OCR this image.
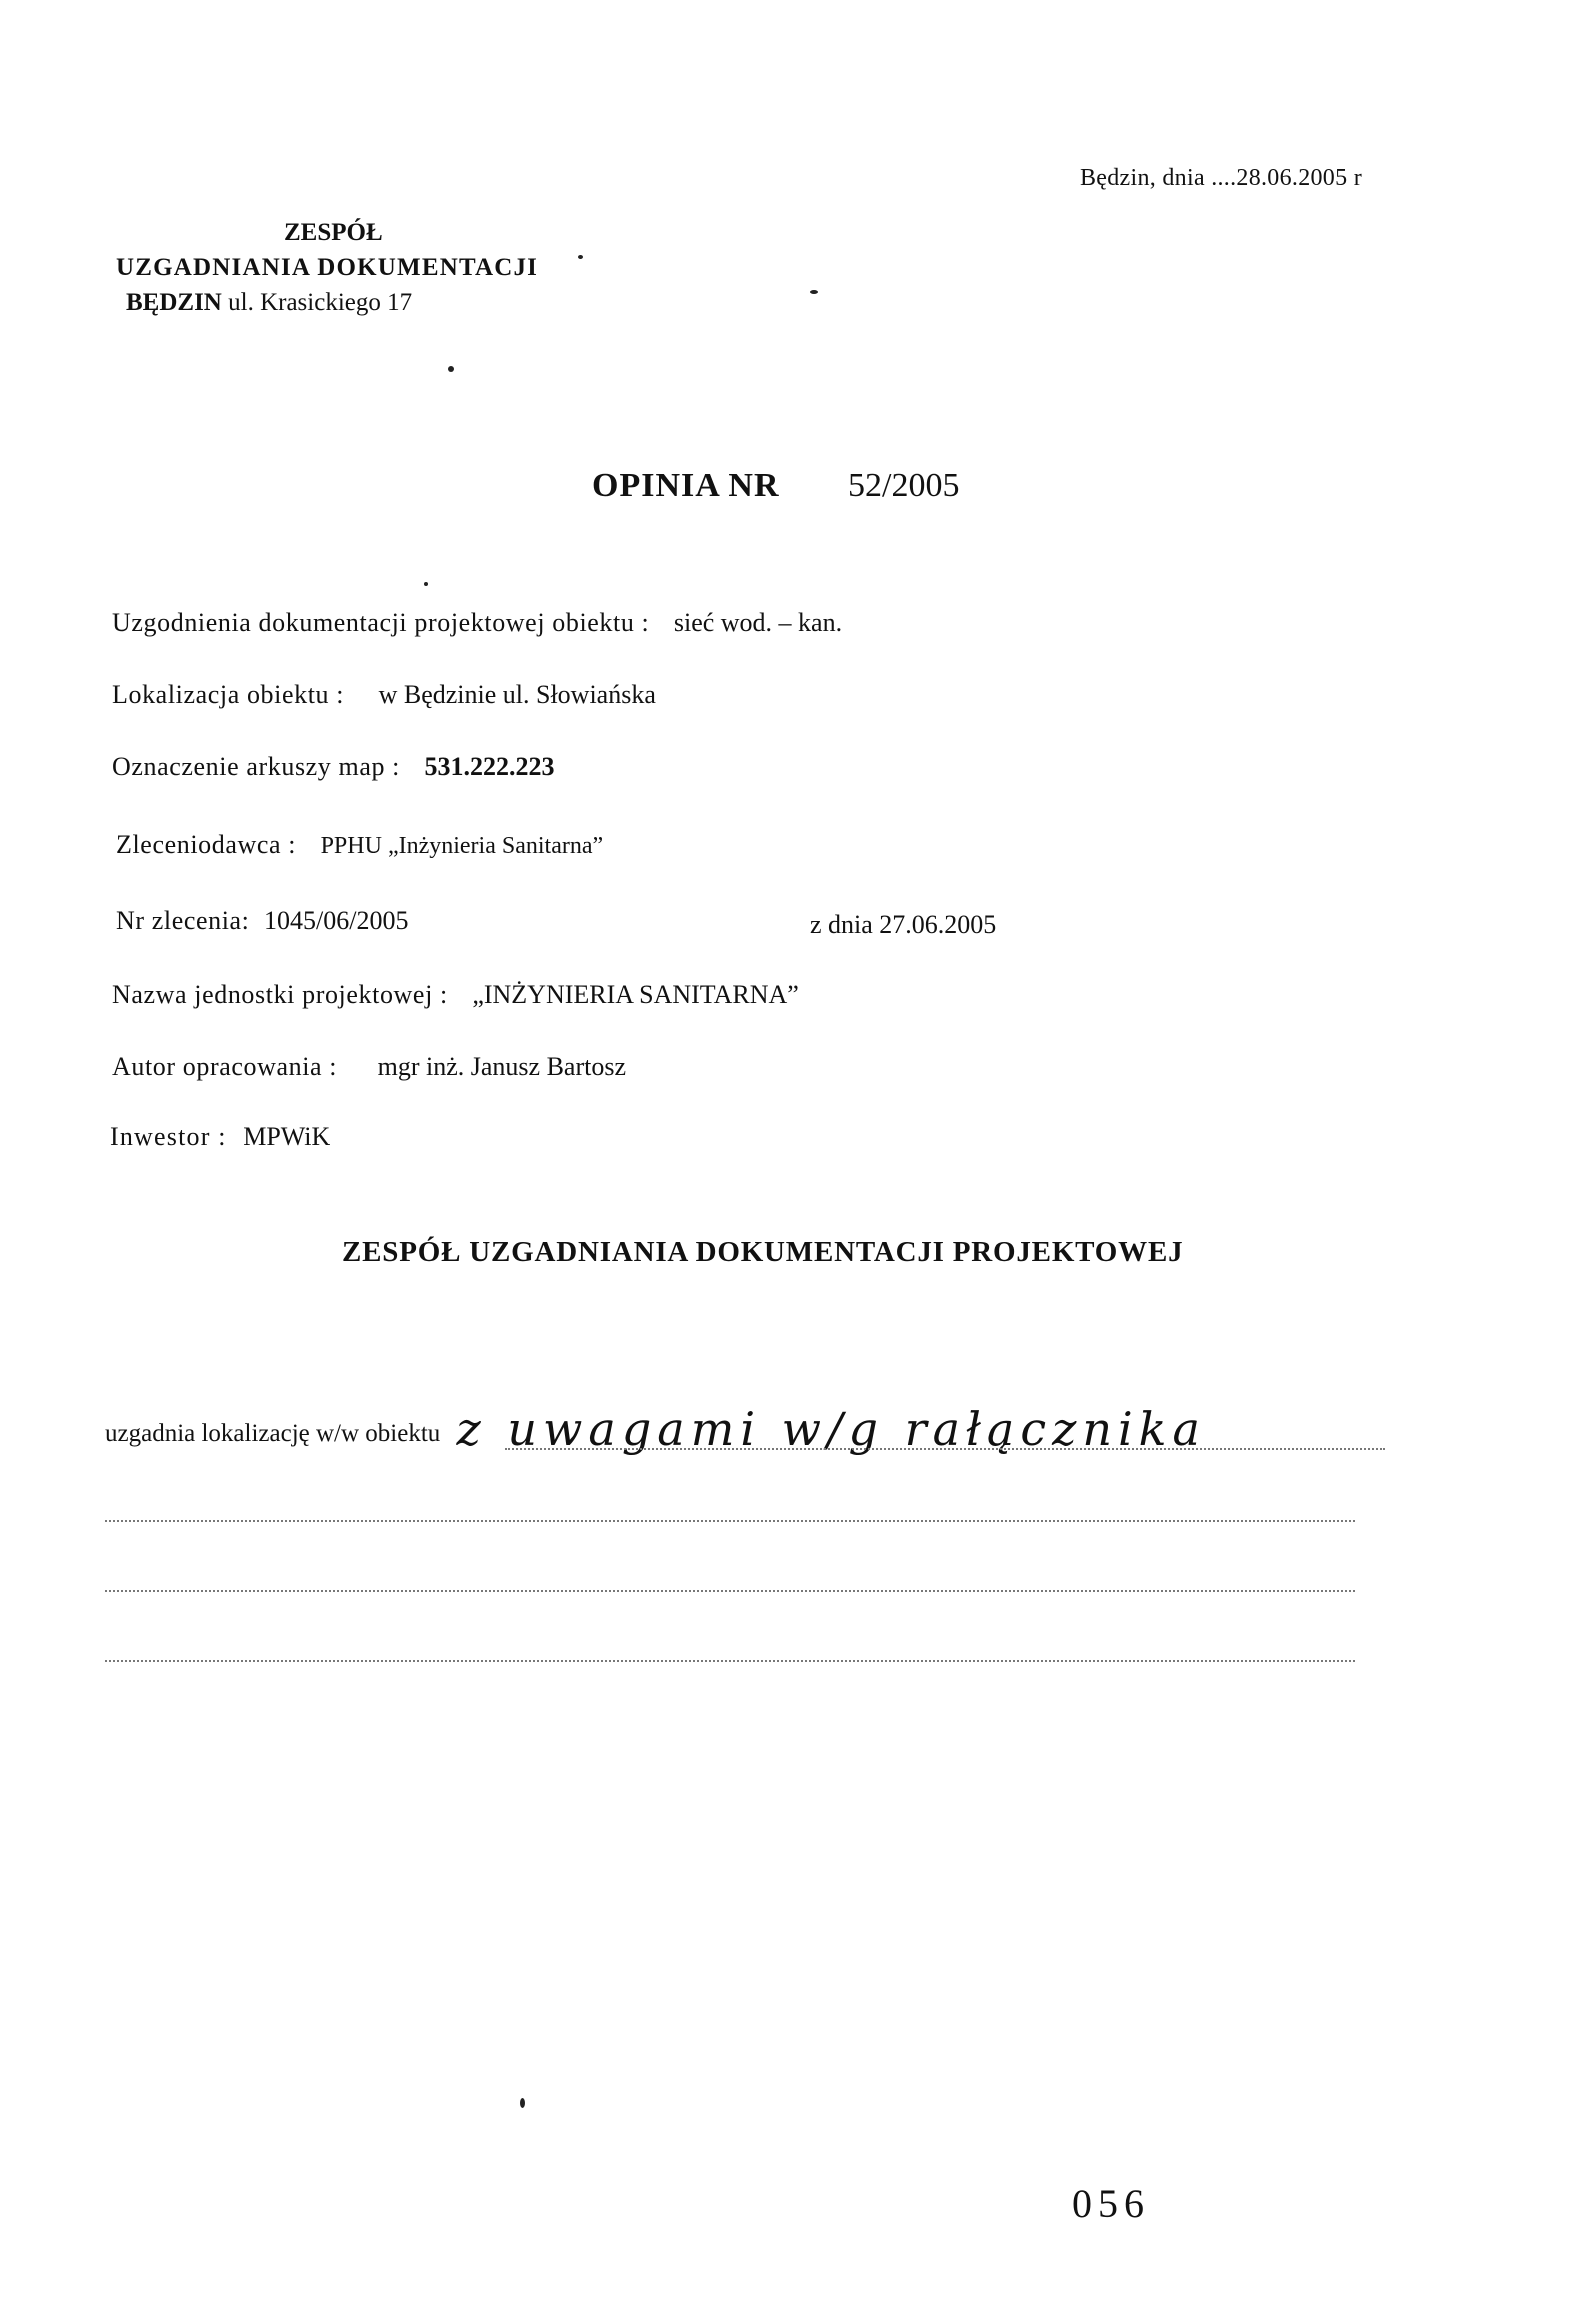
Będzin, dnia ....28.06.2005 r
ZESPÓŁ
UZGADNIANIA DOKUMENTACJI
BĘDZIN ul. Krasickiego 17
OPINIA NR 52/2005
Uzgodnienia dokumentacji projektowej obiektu : sieć wod. – kan.
Lokalizacja obiektu : w Będzinie ul. Słowiańska
Oznaczenie arkuszy map : 531.222.223
Zleceniodawca : PPHU „Inżynieria Sanitarna”
Nr zlecenia: 1045/06/2005	z dnia 27.06.2005
Nazwa jednostki projektowej : „INŻYNIERIA SANITARNA”
Autor opracowania : mgr inż. Janusz Bartosz
Inwestor : MPWiK
ZESPÓŁ UZGADNIANIA DOKUMENTACJI PROJEKTOWEJ
uzgadnia lokalizację w/w obiektu z uwagami w/g rałącznika
056
